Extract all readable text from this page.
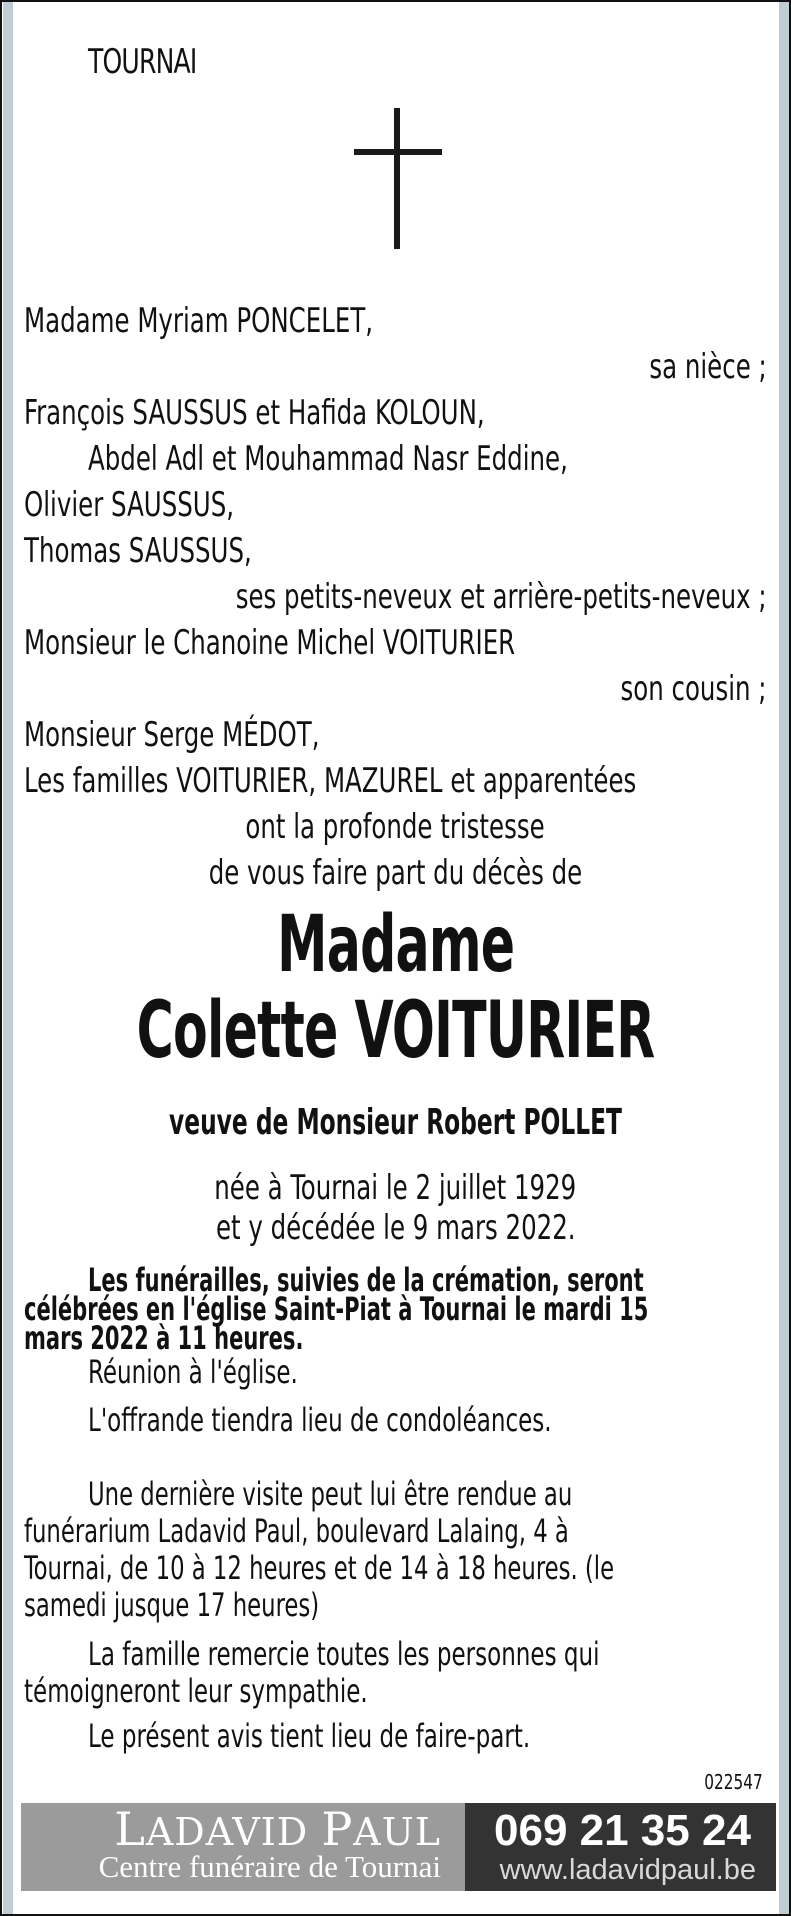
TOURNAI
Madame Myriam PONCELET,
sa nièce ;
François SAUSSUS et Hafida KOLOUN,
Abdel Adl et Mouhammad Nasr Eddine,
Olivier SAUSSUS,
Thomas SAUSSUS,
ses petits-neveux et arrière-petits-neveux ;
Monsieur le Chanoine Michel VOITURIER
son cousin ;
Monsieur Serge MÉDOT,
Les familles VOITURIER, MAZUREL et apparentées
ont la profonde tristesse
de vous faire part du décès de
Madame
Colette VOITURIER
veuve de Monsieur Robert POLLET
née à Tournai le 2 juillet 1929
et y décédée le 9 mars 2022.
Les funérailles, suivies de la crémation, seront
célébrées en l'église Saint-Piat à Tournai le mardi 15
mars 2022 à 11 heures.
Réunion à l'église.
L'offrande tiendra lieu de condoléances.
Une dernière visite peut lui être rendue au
funérarium Ladavid Paul, boulevard Lalaing, 4 à
Tournai, de 10 à 12 heures et de 14 à 18 heures. (le
samedi jusque 17 heures)
La famille remercie toutes les personnes qui
témoigneront leur sympathie.
Le présent avis tient lieu de faire-part.
022547
LADAVID PAUL
Centre funéraire de Tournai
069 21 35 24
www.ladavidpaul.be
